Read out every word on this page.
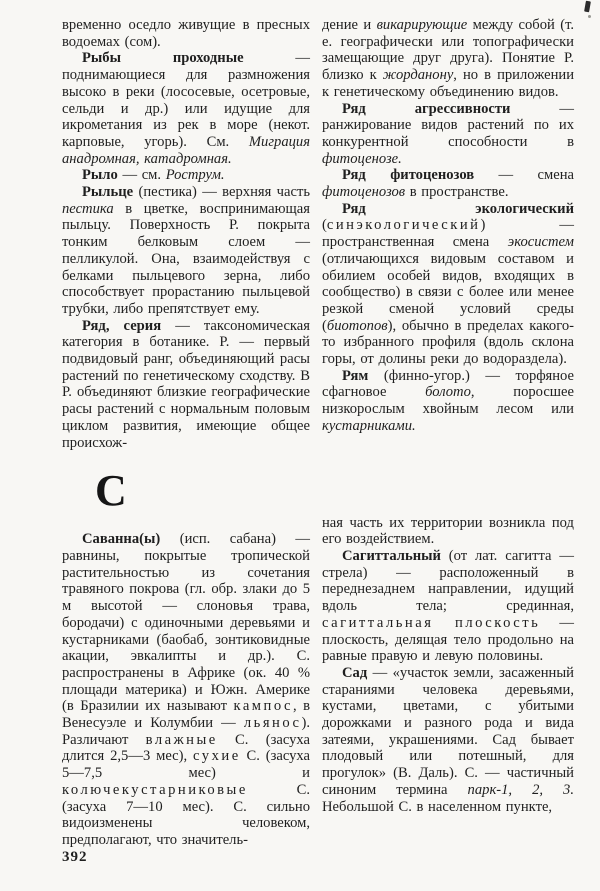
временно оседло живущие в пресных водоемах (сом).

Рыбы проходные — поднимающиеся для размножения высоко в реки (лососевые, осетровые, сельди и др.) или идущие для икрометания из рек в море (некот. карповые, угорь). См. Миграция анадромная, катадромная.

Рыло — см. Рострум.

Рыльце (пестика) — верхняя часть пестика в цветке, воспринимающая пыльцу. Поверхность Р. покрыта тонким белковым слоем — пелликулой. Она, взаимодействуя с белками пыльцевого зерна, либо способствует прорастанию пыльцевой трубки, либо препятствует ему.

Ряд, серия — таксономическая категория в ботанике. Р. — первый подвидовый ранг, объединяющий расы растений по генетическому сходству. В Р. объединяют близкие географические расы растений с нормальным половым циклом развития, имеющие общее происхож-

С

Саванна(ы) (исп. сабана) — равнины, покрытые тропической растительностью из сочетания травяного покрова (гл. обр. злаки до 5 м высотой — слоновья трава, бородачи) с одиночными деревьями и кустарниками (баобаб, зонтиковидные акации, эвкалипты и др.). С. распространены в Африке (ок. 40 % площади материка) и Южн. Америке (в Бразилии их называют кампос, в Венесуэле и Колумбии — льянос). Различают влажные С. (засуха длится 2,5—3 мес), сухие С. (засуха 5—7,5 мес) и колючекустарниковые С. (засуха 7—10 мес). С. сильно видоизменены человеком, предполагают, что значитель-

дение и викарирующие между собой (т. е. географически или топографически замещающие друг друга). Понятие Р. близко к жорданону, но в приложении к генетическому объединению видов.

Ряд агрессивности — ранжирование видов растений по их конкурентной способности в фитоценозе.

Ряд фитоценозов — смена фитоценозов в пространстве.

Ряд экологический (синэкологический) — пространственная смена экосистем (отличающихся видовым составом и обилием особей видов, входящих в сообщество) в связи с более или менее резкой сменой условий среды (биотопов), обычно в пределах какого-то избранного профиля (вдоль склона горы, от долины реки до водораздела).

Рям (финно-угор.) — торфяное сфагновое болото, поросшее низкорослым хвойным лесом или кустарниками.

ная часть их территории возникла под его воздействием.

Сагиттальный (от лат. сагитта — стрела) — расположенный в переднезаднем направлении, идущий вдоль тела; срединная, сагиттальная плоскость — плоскость, делящая тело продольно на равные правую и левую половины.

Сад — «участок земли, засаженный стараниями человека деревьями, кустами, цветами, с убитыми дорожками и разного рода и вида затеями, украшениями. Сад бывает плодовый или потешный, для прогулок» (В. Даль). С. — частичный синоним термина парк-1, 2, 3. Небольшой С. в населенном пункте,

392
